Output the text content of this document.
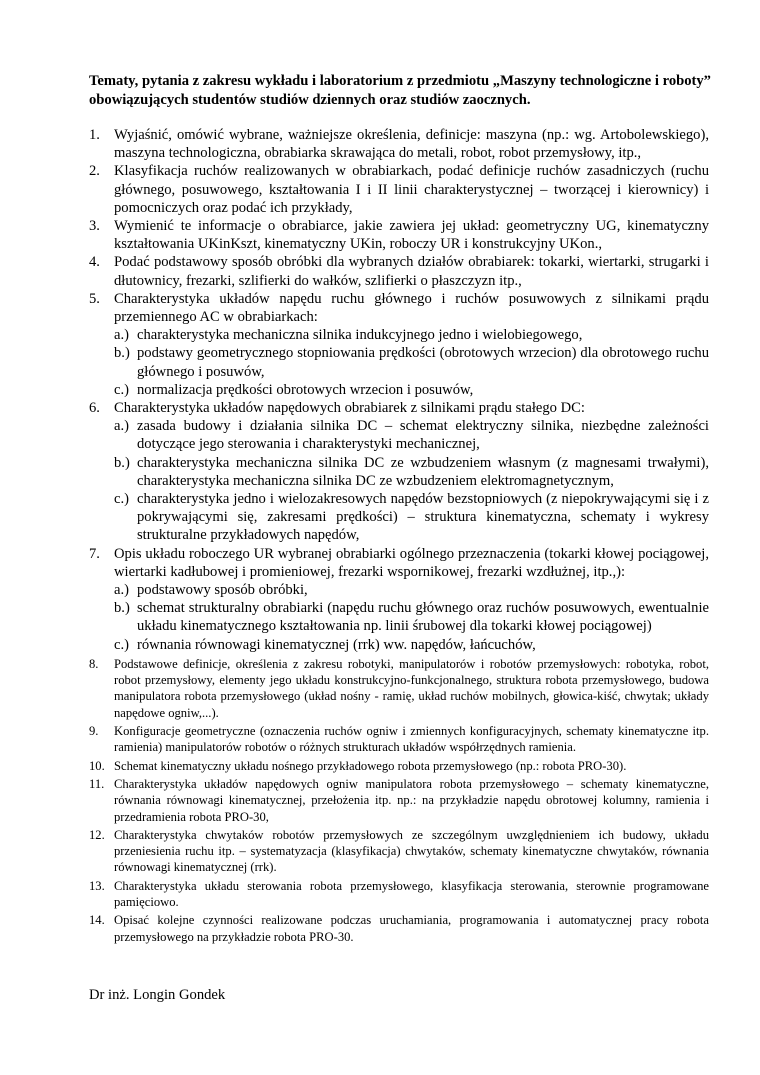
Tematy, pytania z zakresu wykładu i laboratorium z przedmiotu „Maszyny technologiczne i roboty” obowiązujących studentów studiów dziennych oraz studiów zaocznych.
1. Wyjaśnić, omówić wybrane, ważniejsze określenia, definicje: maszyna (np.: wg. Artobolewskiego), maszyna technologiczna, obrabiarka skrawająca do metali, robot, robot przemysłowy, itp.,
2. Klasyfikacja ruchów realizowanych w obrabiarkach, podać definicje ruchów zasadniczych (ruchu głównego, posuwowego, kształtowania I i II linii charakterystycznej – tworzącej i kierownicy) i pomocniczych oraz podać ich przykłady,
3. Wymienić te informacje o obrabiarce, jakie zawiera jej układ: geometryczny UG, kinematyczny kształtowania UKinKszt, kinematyczny UKin, roboczy UR i konstrukcyjny UKon.,
4. Podać podstawowy sposób obróbki dla wybranych działów obrabiarek: tokarki, wiertarki, strugarki i dłutownicy, frezarki, szlifierki do wałków, szlifierki o płaszczyzn itp.,
5. Charakterystyka układów napędu ruchu głównego i ruchów posuwowych z silnikami prądu przemiennego AC w obrabiarkach:
a.) charakterystyka mechaniczna silnika indukcyjnego jedno i wielobiegowego,
b.) podstawy geometrycznego stopniowania prędkości (obrotowych wrzecion) dla obrotowego ruchu głównego i posuwów,
c.) normalizacja prędkości obrotowych wrzecion i posuwów,
6. Charakterystyka układów napędowych obrabiarek z silnikami prądu stałego DC:
a.) zasada budowy i działania silnika DC – schemat elektryczny silnika, niezbędne zależności dotyczące jego sterowania i charakterystyki mechanicznej,
b.) charakterystyka mechaniczna silnika DC ze wzbudzeniem własnym (z magnesami trwałymi), charakterystyka mechaniczna silnika DC ze wzbudzeniem elektromagnetycznym,
c.) charakterystyka jedno i wielozakresowych napędów bezstopniowych (z niepokrywającymi się i z pokrywającymi się, zakresami prędkości) – struktura kinematyczna, schematy i wykresy strukturalne przykładowych napędów,
7. Opis układu roboczego UR wybranej obrabiarki ogólnego przeznaczenia (tokarki kłowej pociągowej, wiertarki kadłubowej i promieniowej, frezarki wspornikowej, frezarki wzdłużnej, itp.,):
a.) podstawowy sposób obróbki,
b.) schemat strukturalny obrabiarki (napędu ruchu głównego oraz ruchów posuwowych, ewentualnie układu kinematycznego kształtowania np. linii śrubowej dla tokarki kłowej pociągowej)
c.) równania równowagi kinematycznej (rrk) ww. napędów, łańcuchów,
8. Podstawowe definicje, określenia z zakresu robotyki, manipulatorów i robotów przemysłowych: robotyka, robot, robot przemysłowy, elementy jego układu konstrukcyjno-funkcjonalnego, struktura robota przemysłowego, budowa manipulatora robota przemysłowego (układ nośny - ramię, układ ruchów mobilnych, głowica-kiść, chwytak; układy napędowe ogniw,...).
9. Konfiguracje geometryczne (oznaczenia ruchów ogniw i zmiennych konfiguracyjnych, schematy kinematyczne itp. ramienia) manipulatorów robotów o różnych strukturach układów współrzędnych ramienia.
10. Schemat kinematyczny układu nośnego przykładowego robota przemysłowego (np.: robota PRO-30).
11. Charakterystyka układów napędowych ogniw manipulatora robota przemysłowego – schematy kinematyczne, równania równowagi kinematycznej, przełożenia itp. np.: na przykładzie napędu obrotowej kolumny, ramienia i przedramienia robota PRO-30,
12. Charakterystyka chwytaków robotów przemysłowych ze szczególnym uwzględnieniem ich budowy, układu przeniesienia ruchu itp. – systematyzacja (klasyfikacja) chwytaków, schematy kinematyczne chwytaków, równania równowagi kinematycznej (rrk).
13. Charakterystyka układu sterowania robota przemysłowego, klasyfikacja sterowania, sterownie programowane pamięciowo.
14. Opisać kolejne czynności realizowane podczas uruchamiania, programowania i automatycznej pracy robota przemysłowego na przykładzie robota PRO-30.
Dr inż. Longin Gondek
